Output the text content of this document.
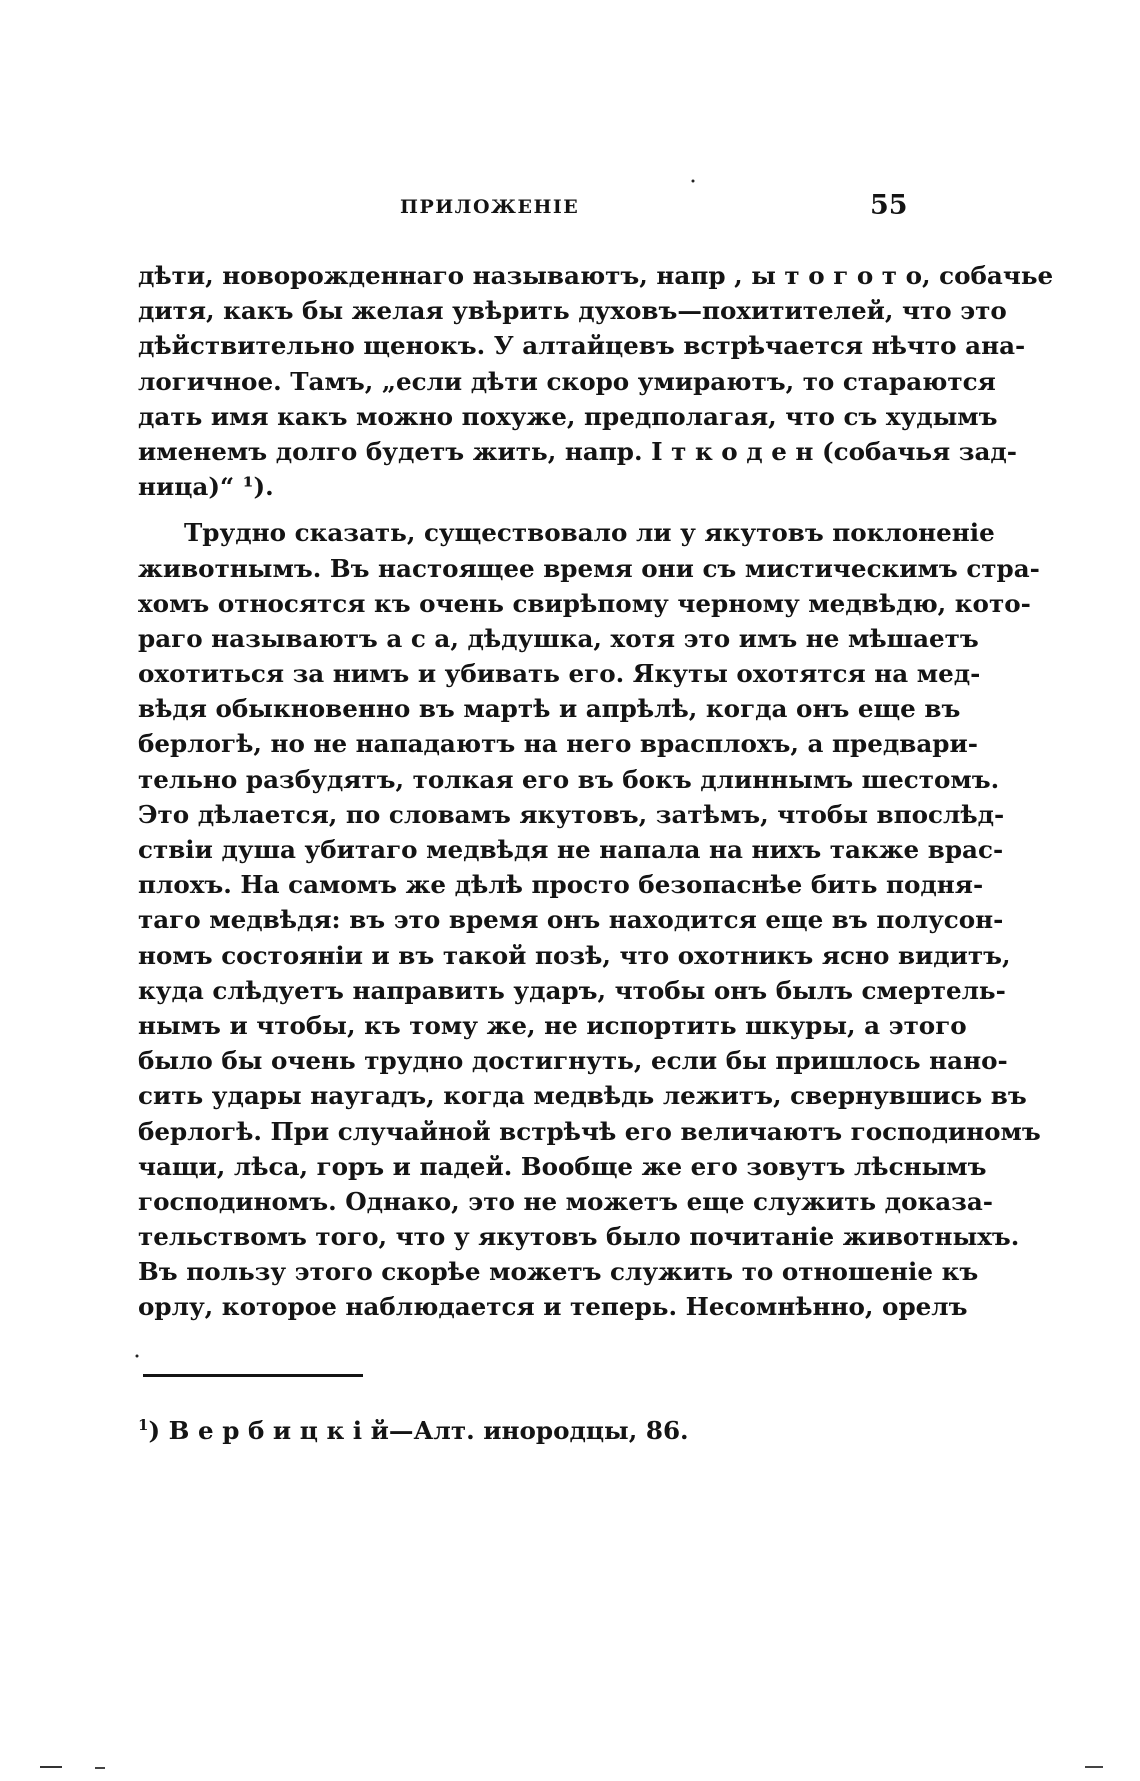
ПРИЛОЖЕНІЕ	55
дѣти, новорожденнаго называютъ, напр , ы т о г о т о, собачье
дитя, какъ бы желая увѣрить духовъ—похитителей, что это
дѣйствительно щенокъ. У алтайцевъ встрѣчается нѣчто ана-
логичное. Тамъ, „если дѣти скоро умираютъ, то стараются
дать имя какъ можно похуже, предполагая, что съ худымъ
именемъ долго будетъ жить, напр. І т к о д е н (собачья зад-
ница)“ ¹).
Трудно сказать, существовало ли у якутовъ поклоненіе
животнымъ. Въ настоящее время они съ мистическимъ стра-
хомъ относятся къ очень свирѣпому черному медвѣдю, кото-
раго называютъ а с а, дѣдушка, хотя это имъ не мѣшаетъ
охотиться за нимъ и убивать его. Якуты охотятся на мед-
вѣдя обыкновенно въ мартѣ и апрѣлѣ, когда онъ еще въ
берлогѣ, но не нападаютъ на него врасплохъ, а предвари-
тельно разбудятъ, толкая его въ бокъ длиннымъ шестомъ.
Это дѣлается, по словамъ якутовъ, затѣмъ, чтобы впослѣд-
ствіи душа убитаго медвѣдя не напала на нихъ также врас-
плохъ. На самомъ же дѣлѣ просто безопаснѣе бить подня-
таго медвѣдя: въ это время онъ находится еще въ полусон-
номъ состояніи и въ такой позѣ, что охотникъ ясно видитъ,
куда слѣдуетъ направить ударъ, чтобы онъ былъ смертель-
нымъ и чтобы, къ тому же, не испортить шкуры, а этого
было бы очень трудно достигнуть, если бы пришлось нано-
сить удары наугадъ, когда медвѣдь лежитъ, свернувшись въ
берлогѣ. При случайной встрѣчѣ его величаютъ господиномъ
чащи, лѣса, горъ и падей. Вообще же его зовутъ лѣснымъ
господиномъ. Однако, это не можетъ еще служить доказа-
тельствомъ того, что у якутовъ было почитаніе животныхъ.
Въ пользу этого скорѣе можетъ служить то отношеніе къ
орлу, которое наблюдается и теперь. Несомнѣнно, орелъ
$^1$) В е р б и ц к і й—Алт. инородцы, 86.
